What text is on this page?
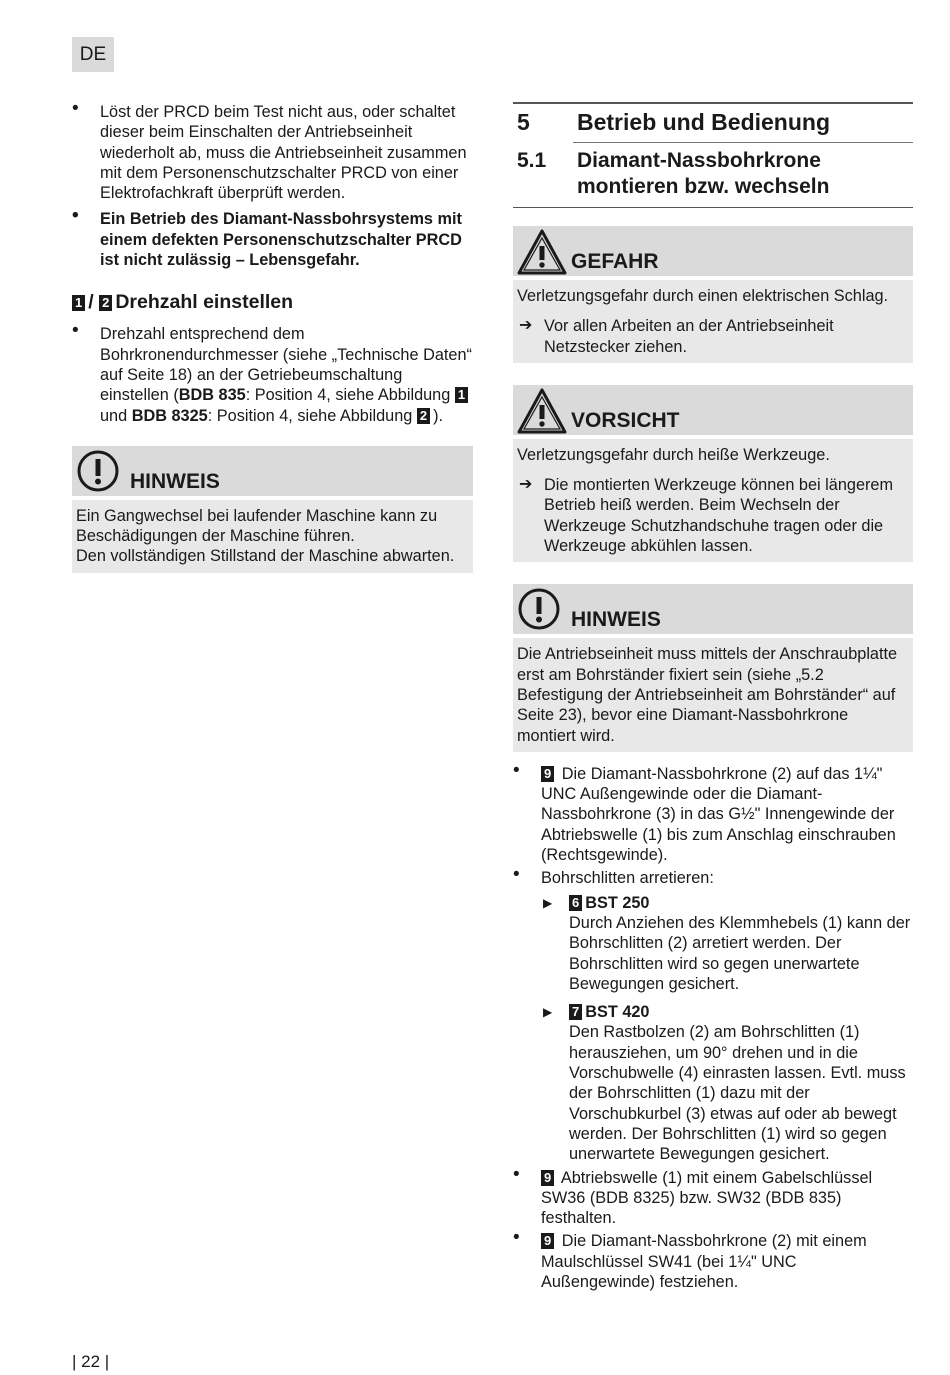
DE
• Löst der PRCD beim Test nicht aus, oder schaltet dieser beim Einschalten der Antriebseinheit wiederholt ab, muss die Antriebseinheit zusammen mit dem Personenschutzschalter PRCD von einer Elektrofachkraft überprüft werden.
• Ein Betrieb des Diamant-Nassbohrsystems mit einem defekten Personenschutzschalter PRCD ist nicht zulässig – Lebensgefahr.
1 / 2 Drehzahl einstellen
• Drehzahl entsprechend dem Bohrkronendurchmesser (siehe „Technische Daten“ auf Seite 18) an der Getriebeumschaltung einstellen (BDB 835: Position 4, siehe Abbildung 1 und BDB 8325: Position 4, siehe Abbildung 2 ).
HINWEIS
Ein Gangwechsel bei laufender Maschine kann zu Beschädigungen der Maschine führen.
Den vollständigen Stillstand der Maschine abwarten.
5	Betrieb und Bedienung
5.1	Diamant-Nassbohrkrone montieren bzw. wechseln
GEFAHR
Verletzungsgefahr durch einen elektrischen Schlag.
➔ Vor allen Arbeiten an der Antriebseinheit Netzstecker ziehen.
VORSICHT
Verletzungsgefahr durch heiße Werkzeuge.
➔ Die montierten Werkzeuge können bei längerem Betrieb heiß werden. Beim Wechseln der Werkzeuge Schutzhandschuhe tragen oder die Werkzeuge abkühlen lassen.
HINWEIS
Die Antriebseinheit muss mittels der Anschraubplatte erst am Bohrständer fixiert sein (siehe „5.2 Befestigung der Antriebseinheit am Bohrständer“ auf Seite 23), bevor eine Diamant-Nassbohrkrone montiert wird.
• 9 Die Diamant-Nassbohrkrone (2) auf das 1¼" UNC Außengewinde oder die Diamant-Nassbohrkrone (3) in das G½" Innengewinde der Abtriebswelle (1) bis zum Anschlag einschrauben (Rechtsgewinde).
• Bohrschlitten arretieren:
▶ 6 BST 250
Durch Anziehen des Klemmhebels (1) kann der Bohrschlitten (2) arretiert werden. Der Bohrschlitten wird so gegen unerwartete Bewegungen gesichert.
▶ 7 BST 420
Den Rastbolzen (2) am Bohrschlitten (1) herausziehen, um 90° drehen und in die Vorschubwelle (4) einrasten lassen. Evtl. muss der Bohrschlitten (1) dazu mit der Vorschubkurbel (3) etwas auf oder ab bewegt werden. Der Bohrschlitten (1) wird so gegen unerwartete Bewegungen gesichert.
• 9 Abtriebswelle (1) mit einem Gabelschlüssel SW36 (BDB 8325) bzw. SW32 (BDB 835) festhalten.
• 9 Die Diamant-Nassbohrkrone (2) mit einem Maulschlüssel SW41 (bei 1¼" UNC Außengewinde) festziehen.
| 22 |
